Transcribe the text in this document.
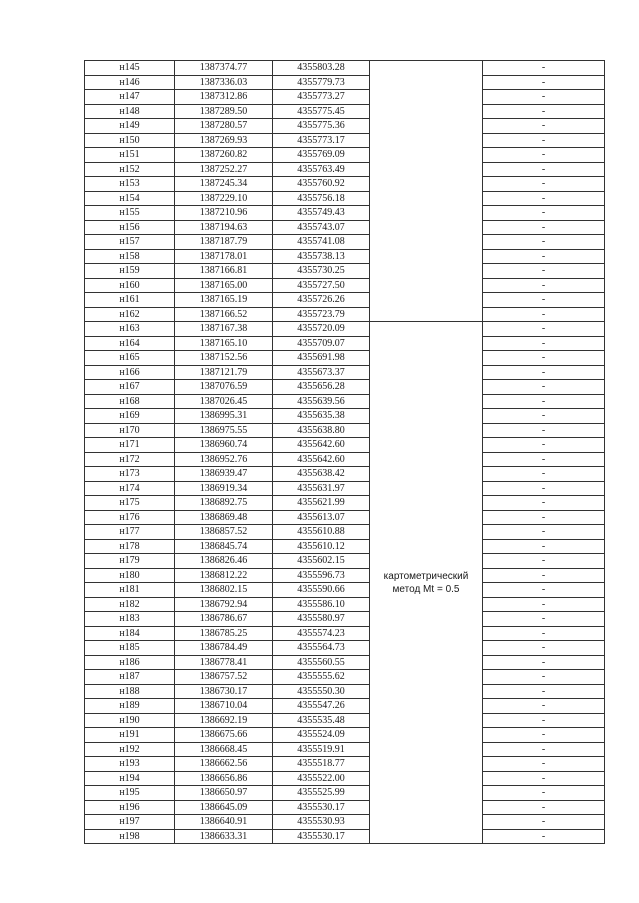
н145	1387374.77	4355803.28		-
н146	1387336.03	4355779.73		-
н147	1387312.86	4355773.27		-
н148	1387289.50	4355775.45		-
н149	1387280.57	4355775.36		-
н150	1387269.93	4355773.17		-
н151	1387260.82	4355769.09		-
н152	1387252.27	4355763.49		-
н153	1387245.34	4355760.92		-
н154	1387229.10	4355756.18		-
н155	1387210.96	4355749.43		-
н156	1387194.63	4355743.07		-
н157	1387187.79	4355741.08		-
н158	1387178.01	4355738.13		-
н159	1387166.81	4355730.25		-
н160	1387165.00	4355727.50		-
н161	1387165.19	4355726.26		-
н162	1387166.52	4355723.79		-
н163	1387167.38	4355720.09	картометрический метод Mt = 0.5	-
н164	1387165.10	4355709.07		-
н165	1387152.56	4355691.98		-
н166	1387121.79	4355673.37		-
н167	1387076.59	4355656.28		-
н168	1387026.45	4355639.56		-
н169	1386995.31	4355635.38		-
н170	1386975.55	4355638.80		-
н171	1386960.74	4355642.60		-
н172	1386952.76	4355642.60		-
н173	1386939.47	4355638.42		-
н174	1386919.34	4355631.97		-
н175	1386892.75	4355621.99		-
н176	1386869.48	4355613.07		-
н177	1386857.52	4355610.88		-
н178	1386845.74	4355610.12		-
н179	1386826.46	4355602.15		-
н180	1386812.22	4355596.73		-
н181	1386802.15	4355590.66		-
н182	1386792.94	4355586.10		-
н183	1386786.67	4355580.97		-
н184	1386785.25	4355574.23		-
н185	1386784.49	4355564.73		-
н186	1386778.41	4355560.55		-
н187	1386757.52	4355555.62		-
н188	1386730.17	4355550.30		-
н189	1386710.04	4355547.26		-
н190	1386692.19	4355535.48		-
н191	1386675.66	4355524.09		-
н192	1386668.45	4355519.91		-
н193	1386662.56	4355518.77		-
н194	1386656.86	4355522.00		-
н195	1386650.97	4355525.99		-
н196	1386645.09	4355530.17		-
н197	1386640.91	4355530.93		-
н198	1386633.31	4355530.17		-
